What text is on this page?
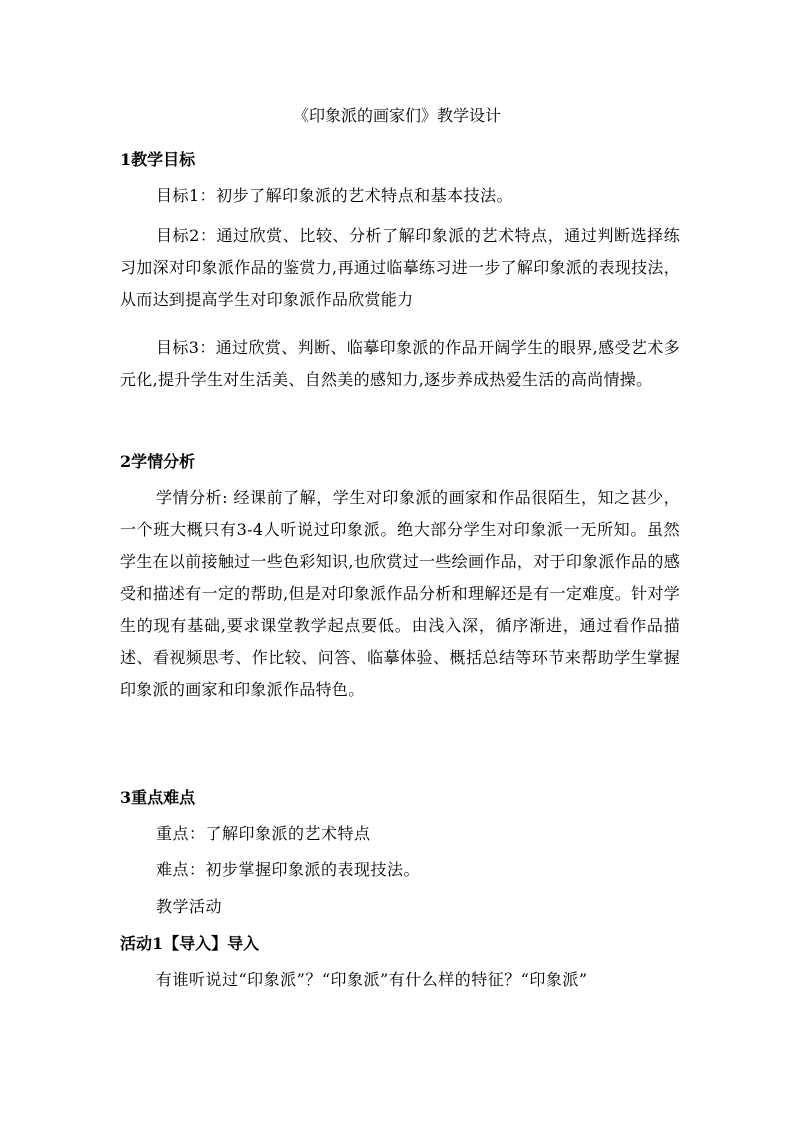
《印象派的画家们》教学设计
1教学目标
目标1：初步了解印象派的艺术特点和基本技法。
目标2：通过欣赏、比较、分析了解印象派的艺术特点，通过判断选择练习加深对印象派作品的鉴赏力,再通过临摹练习进一步了解印象派的表现技法，从而达到提高学生对印象派作品欣赏能力
目标3：通过欣赏、判断、临摹印象派的作品开阔学生的眼界,感受艺术多元化,提升学生对生活美、自然美的感知力,逐步养成热爱生活的高尚情操。
2学情分析
学情分析: 经课前了解，学生对印象派的画家和作品很陌生，知之甚少，一个班大概只有3-4人听说过印象派。绝大部分学生对印象派一无所知。虽然学生在以前接触过一些色彩知识,也欣赏过一些绘画作品，对于印象派作品的感受和描述有一定的帮助,但是对印象派作品分析和理解还是有一定难度。针对学生的现有基础,要求课堂教学起点要低。由浅入深，循序渐进，通过看作品描述、看视频思考、作比较、问答、临摹体验、概括总结等环节来帮助学生掌握印象派的画家和印象派作品特色。
3重点难点
重点：了解印象派的艺术特点
难点：初步掌握印象派的表现技法。
教学活动
活动1【导入】导入
有谁听说过“印象派”？“印象派”有什么样的特征？“印象派”
